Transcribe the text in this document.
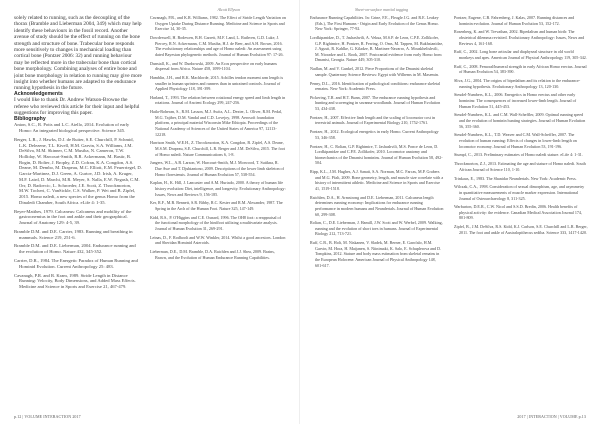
Alcott Ellyson

solely related to running, such as the decoupling of the thorax (Bramble and Lieberman 2004, 349) which may help identify these behaviours in the fossil record. Another avenue of study should be the effect of running on the bone strength and structure of bone. Trabecular bone responds more sensitively to changes in mechanical loading than cortical bone (Pontzer 2006: 32) and running behaviour may be reflected more in the trabecular bone than cortical bone morphology. Combining analyses of entire bone and joint bone morphology in relation to running may give more insight into whether humans are adapted to the endurance running hypothesis in the future.

Acknowledgements

I would like to thank Dr. Andrew Watson-Browne the referee who reviewed this article for their input and helpful suggestions for improving this paper.

Bibliography

Anton, S.C., R. Potts and L.C. Aiello, 2014. Evolution of early Homo: An integrated biological perspective. Science 345.

Berger, L.R., J. Hawks, D.J. de Ruiter, S.E. Churchill, P. Schmid, L.K. Delezene, T.L. Kivell, H.M. Garvin, S.A. Williams, J.M. DeSilva, M.M. Skinner, C.M. Musiba, N. Cameron, T.W. Holliday, W. Harcourt-Smith, R.R. Ackermann, M. Bastir, B. Bogin, D. Bolter, J. Brophy, Z.D. Cofran, K.A. Congdon, A.S. Deane, M. Dembo, M. Drapeau, M.C. Elliott, E.M. Feuerriegel, D. Garcia-Martinez, D.J. Green, A. Gurtov, J.D. Irish, A. Kruger, M.F. Laird, D. Marchi, M.R. Meyer, S. Nalla, E.W. Negash, C.M. Orr, D. Radovcic, L. Schroeder, J.E. Scott, Z. Throckmorton, M.W. Tocheri, C. VanSickle, C.S. Walker, P. Wei and B. Zipfel, 2015. Homo naledi, a new species of the genus Homo from the Dinaledi Chamber, South Africa. eLife 4: 1-35.

Beyer-Matthes, 1979. Calcaneus: Calcaneus and mobility of the gastrocnemius in the foot and ankle and their geographical. Journal of Anatomy 129: 4-5, 39.

Bramble D.M. and D.E. Carrier, 1983. Running and breathing in mammals. Science 219, 251-6.

Bramble D.M. and D.E. Lieberman, 2004. Endurance running and the evolution of Homo. Nature 432, 345-352.

Carrier, D.R., 1984. The Energetic Paradox of Human Running and Hominid Evolution. Current Anthropology 25: 483.

Cavanagh, P.R. and R. Kram, 1989. Stride Length in Distance Running: Velocity, Body Dimensions, and Added Mass Effects. Medicine and Science in Sports and Exercise 21, 467-479.

Cavanagh, P.R., and K.R. Williams, 1982. The Effect of Stride Length Variation on Oxygen Uptake During Distance Running. Medicine and Science in Sports and Exercise 14, 30-35.

Dowdeswell, H. Bodewen, B.H. Garrett, M.F. Land, L. Ruthven, G.D. Luke, J. Piercey, R.N. Ackermann, C.M. Musiba, H.J. de Beer, and A.H. Brown, 2016. The evolutionary relationships and age of Homo naledi: An assessment using dated Bayesian phylogenetic methods. Journal of Human Evolution 97: 17-26.

Dunstall, K., and W. Dunbowski, 2009. An Ecos perspective on early humans dispersal from Africa. Nature 458, 1099-1104.

Hamblin, J.H., and R.K. Machlorde, 2015. Achilles tendon moment arm length is smaller in human sprinters and runners than in untrained controls. Journal of Applied Physiology 118, 391-399.

Harland, T., 1993. The relation between rotational energy speed and limb length in rotations. Journal of Ancient Ecology 299, 247-256.

Hatla-Boheran, S., R.M. Lasson, M.J. Awitz, A.L. Dexter, L. Oliver, R.M. Pedal, M.G. Tajiber, D.M. Vandal and C.D. Lovejoy, 1998. Aerosoft foundation platform, a principal material Wisconsin Mike Ethiopia. Proceedings of the National Academy of Sciences of the United States of America 97, 12113-12218.

Harrison Smith, W.E.H., Z. Throckmorton, K.A. Congdon, B. Zipfel, A.S. Deane, M.S.M. Drapeau, S.E. Churchill, L.R. Berger and J.M. DeSilva, 2015. The foot of Homo naledi. Nature Communications 6, 1-8.

Jungers, W.L., A.B. Larson, W. Harcourt-Smith, M.J. Morwood, T. Sutikna, R. Due Awe and T. Djubiantono, 2009. Descriptions of the lower limb skeleton of Homo floresiensis. Journal of Human Evolution 57, 538-554.

Kaplan, H., K. Hill, J. Lancaster and A.M. Hurtado, 2000. A theory of human life history evolution: Diet, intelligence, and longevity. Evolutionary Anthropology: Issues, News and Reviews 9, 156-185.

Ker, R.F., M.B. Bennett, S.R. Bibby, R.C. Kester and R.M. Alexander, 1987. The Spring in the Arch of the Human Foot. Nature 325, 147-149.

Kidd, R.S., P. O'Higgins and C.E. Oxnard, 1996. The OH8 foot: a reappraisal of the functional morphology of the hindfoot utilizing a multivariate analysis. Journal of Human Evolution 31, 269-291.

Leinas, D., F. Rodhoolt and W.W. Winkler, 2014. Whilst a good ancestors. London and Sheridan Hominid Asteroids.

Lieberman, D.E., D.M. Bramble, D.A. Raichlen and J.J. Shea, 2009. Brains, Brawn, and the Evolution of Human Endurance Running Capabilities.

p.12 | VOLUME INTERACTION 2017
Sheet-on-surface martial tagging

Endurance Running Capabilities. In: Grine, F.E., Fleagle J.G. and R.E. Leakey (Eds.), The First Humans - Origin and Early Evolution of the Genus Homo. New York: Springer, 77-92.

Lordkipanidze, D., T. Jashashvili, A. Vekua, M.S.P. de Leon, C.P.E. Zollikofer, G.P. Rightmire, H. Pontzer, R. Ferring, O. Oms, M. Tappen, M. Bukhsianidze, J. Agusti, R. Kahlke, G. Kiladze, B. Martinez-Navarro, A. Mouskhelishvili, M. Nioradze and L. Rook, 2007. Postcranial evidence from early Homo from Dmanisi, Georgia. Nature 449, 305-310.

Nadlan, M. and V. Gunkel, 2012. Piece Proportions of the Dmanisi skeletal sample. Quaternary Science Reviews: Egypt with Wilhems in M. Masemin.

Penny, D.L., 2016. Identification of pathological conditions: endurance skeletal remains. New York: Academic Press.

Pickering, T.R. and H.T. Bunn, 2007. The endurance running hypothesis and hunting and scavenging in savanna-woodlands. Journal of Human Evolution 53, 434-438.

Pontzer, H., 2007. Effective limb length and the scaling of locomotor cost in terrestrial animals. Journal of Experimental Biology 210, 1752-1761.

Pontzer, H., 2012. Ecological energetics in early Homo. Current Anthropology 53, 346-358.

Pontzer, H., C. Rolian, G.P. Rightmire, T. Jashashvili, M.S. Ponce de Leon, D. Lordkipanidze and C.P.E. Zollikofer, 2010. Locomotor anatomy and biomechanics of the Dmanisi hominins. Journal of Human Evolution 58, 492-504.

Ripp, K.L., J.M. Hughes, A.J. Sanati, S.A. Norman, M.C. Farcas, M.P. Grabers and M.G. Pfalt, 2009. Bone geometry, length, and muscle size correlate with a history of intermittent athletic. Medicine and Science in Sports and Exercise 41, 1519-1518.

Raichlen, D.A., H. Armstrong and D.E. Lieberman, 2011. Calcaneus length determines running economy: Implications for endurance running performance in modern humans and Neandertals. Journal of Human Evolution 60, 299-308.

Rolian, C., D.E. Lieberman, J. Hamill, J.W. Scott and W. Werbel, 2009. Walking, running and the evolution of short toes in humans. Journal of Experimental Biology 212, 713-721.

Ruff, C.B., B. Holt, M. Niskanen, V. Sladek, M. Berner, E. Garofalo, H.M. Garvin, M. Hora, H. Maijanen, S. Niinimaki, K. Salo, E. Schuplerova and D. Tompkins, 2012. Stature and body mass estimation from skeletal remains in the European Holocene. American Journal of Physical Anthropology 148, 601-617.

Pontzer, Eugene, C.B. Fahrenberg, J. Kalas, 2007. Running distances and hominin evolution. Journal of Human Evolution 53, 152-172.

Rosenberg, K. and W. Trevathan, 2002. Bipedalism and human birth: The obstetrical dilemma revisited. Evolutionary Anthropology: Issues, News and Reviews 4, 161-168.

Ruff, C., 2002. Long bone articular and diaphyseal structure in old world monkeys and apes. American Journal of Physical Anthropology 119, 305-342.

Ruff, C., 2008. Femoral/humeral strength in early African Homo erectus. Journal of Human Evolution 54, 383-390.

Sliva, J.G., 2004. The origins of bipedalism and its relation to the endurance-running hypothesis. Evolutionary Anthropology 13, 120-130.

Steudel-Numbers, K.L., 2006. Energetics in Homo erectus and other early hominins: The consequences of increased lower-limb length. Journal of Human Evolution 51, 445-453.

Steudel-Numbers, K.L. and C.M. Wall-Scheffler, 2009. Optimal running speed and the evolution of hominin hunting strategies. Journal of Human Evolution 56, 355-360.

Steudel-Numbers, K.L., T.D. Weaver and C.M. Wall-Scheffler, 2007. The evolution of human running: Effects of changes in lower-limb length on locomotor economy. Journal of Human Evolution 53, 191-196.

Stumpf, C., 2013. Preliminary estimates of Homo naledi stature. eLife 4: 1-31.

Throckmorton, Z.J., 2013. Estimating the age and stature of Homo naledi. South African Journal of Science 110, 1-10.

Trinkaus, E., 1983. The Shanidar Neandertals. New York: Academic Press.

Wilczak, C.A., 1998. Consideration of sexual dimorphism, age, and asymmetry in quantitative measurements of muscle marker expression. International Journal of Osteoarchaeology 8, 311-325.

Warburton, D.E.R., C.W. Nicol and S.S.D. Bredin, 2006. Health benefits of physical activity: the evidence. Canadian Medical Association Journal 174, 801-809.

Zipfel, B., J.M. DeSilva, R.S. Kidd, K.J. Carlson, S.E. Churchill and L.R. Berger, 2011. The foot and ankle of Australopithecus sediba. Science 333, 1417-1420.

2017 | INTERACTION | VOLUME p.13
